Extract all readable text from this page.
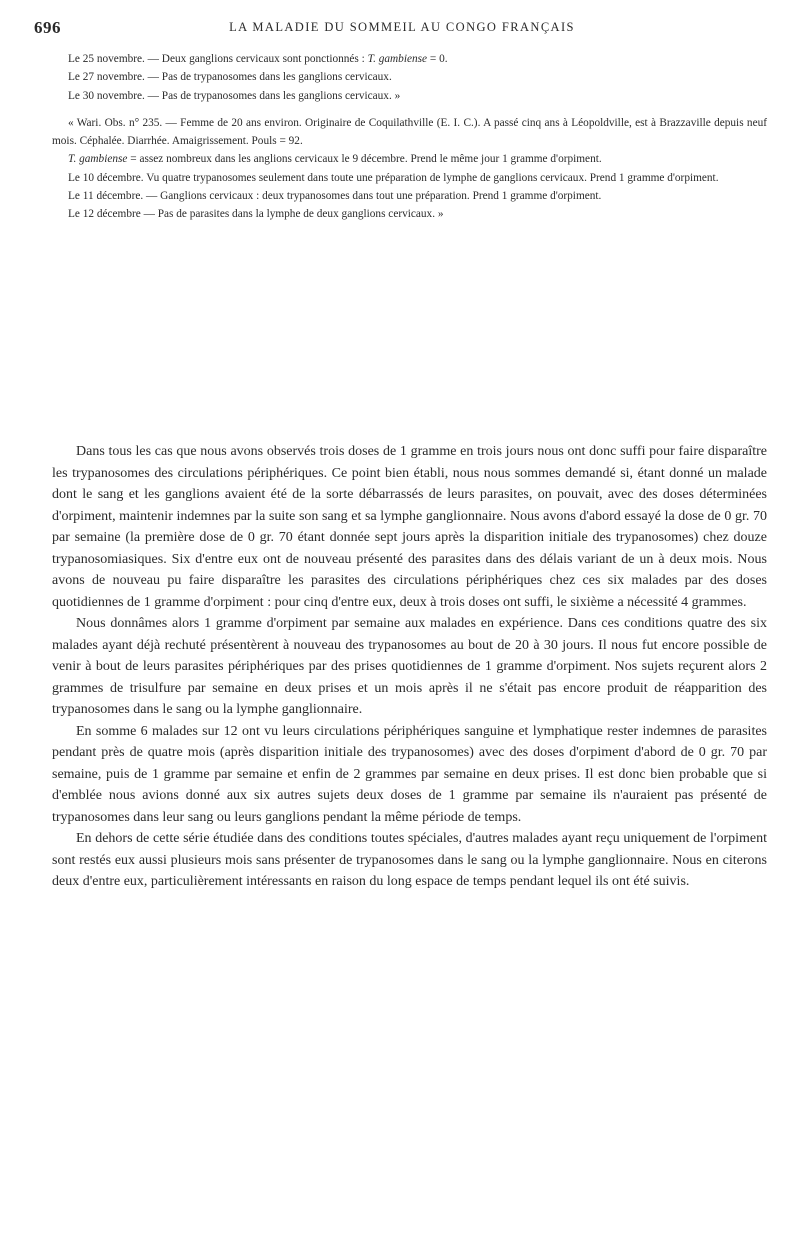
696	LA MALADIE DU SOMMEIL AU CONGO FRANÇAIS

Le 25 novembre. — Deux ganglions cervicaux sont ponctionnés : T. gambiense = 0.

Le 27 novembre. — Pas de trypanosomes dans les ganglions cervicaux.

Le 30 novembre. — Pas de trypanosomes dans les ganglions cervicaux. »

« Wari. Obs. n° 235. — Femme de 20 ans environ. Originaire de Coquilathville (E. I. C.). A passé cinq ans à Léopoldville, est à Brazzaville depuis neuf mois. Céphalée. Diarrhée. Amaigrissement. Pouls = 92.

T. gambiense = assez nombreux dans les anglions cervicaux le 9 décembre. Prend le même jour 1 gramme d'orpiment.

Le 10 décembre. Vu quatre trypanosomes seulement dans toute une préparation de lymphe de ganglions cervicaux. Prend 1 gramme d'orpiment.

Le 11 décembre. — Ganglions cervicaux : deux trypanosomes dans tout une préparation. Prend 1 gramme d'orpiment.

Le 12 décembre — Pas de parasites dans la lymphe de deux ganglions cervicaux. »

Dans tous les cas que nous avons observés trois doses de 1 gramme en trois jours nous ont donc suffi pour faire disparaître les trypanosomes des circulations périphériques. Ce point bien établi, nous nous sommes demandé si, étant donné un malade dont le sang et les ganglions avaient été de la sorte débarrassés de leurs parasites, on pouvait, avec des doses déterminées d'orpiment, maintenir indemnes par la suite son sang et sa lymphe ganglionnaire. Nous avons d'abord essayé la dose de 0 gr. 70 par semaine (la première dose de 0 gr. 70 étant donnée sept jours après la disparition initiale des trypanosomes) chez douze trypanosomiasiques. Six d'entre eux ont de nouveau présenté des parasites dans des délais variant de un à deux mois. Nous avons de nouveau pu faire disparaître les parasites des circulations périphériques chez ces six malades par des doses quotidiennes de 1 gramme d'orpiment : pour cinq d'entre eux, deux à trois doses ont suffi, le sixième a nécessité 4 grammes.

Nous donnâmes alors 1 gramme d'orpiment par semaine aux malades en expérience. Dans ces conditions quatre des six malades ayant déjà rechuté présentèrent à nouveau des trypanosomes au bout de 20 à 30 jours. Il nous fut encore possible de venir à bout de leurs parasites périphériques par des prises quotidiennes de 1 gramme d'orpiment. Nos sujets reçurent alors 2 grammes de trisulfure par semaine en deux prises et un mois après il ne s'était pas encore produit de réapparition des trypanosomes dans le sang ou la lymphe ganglionnaire.

En somme 6 malades sur 12 ont vu leurs circulations périphériques sanguine et lymphatique rester indemnes de parasites pendant près de quatre mois (après disparition initiale des trypanosomes) avec des doses d'orpiment d'abord de 0 gr. 70 par semaine, puis de 1 gramme par semaine et enfin de 2 grammes par semaine en deux prises. Il est donc bien probable que si d'emblée nous avions donné aux six autres sujets deux doses de 1 gramme par semaine ils n'auraient pas présenté de trypanosomes dans leur sang ou leurs ganglions pendant la même période de temps.

En dehors de cette série étudiée dans des conditions toutes spéciales, d'autres malades ayant reçu uniquement de l'orpiment sont restés eux aussi plusieurs mois sans présenter de trypanosomes dans le sang ou la lymphe ganglionnaire. Nous en citerons deux d'entre eux, particulièrement intéressants en raison du long espace de temps pendant lequel ils ont été suivis.
